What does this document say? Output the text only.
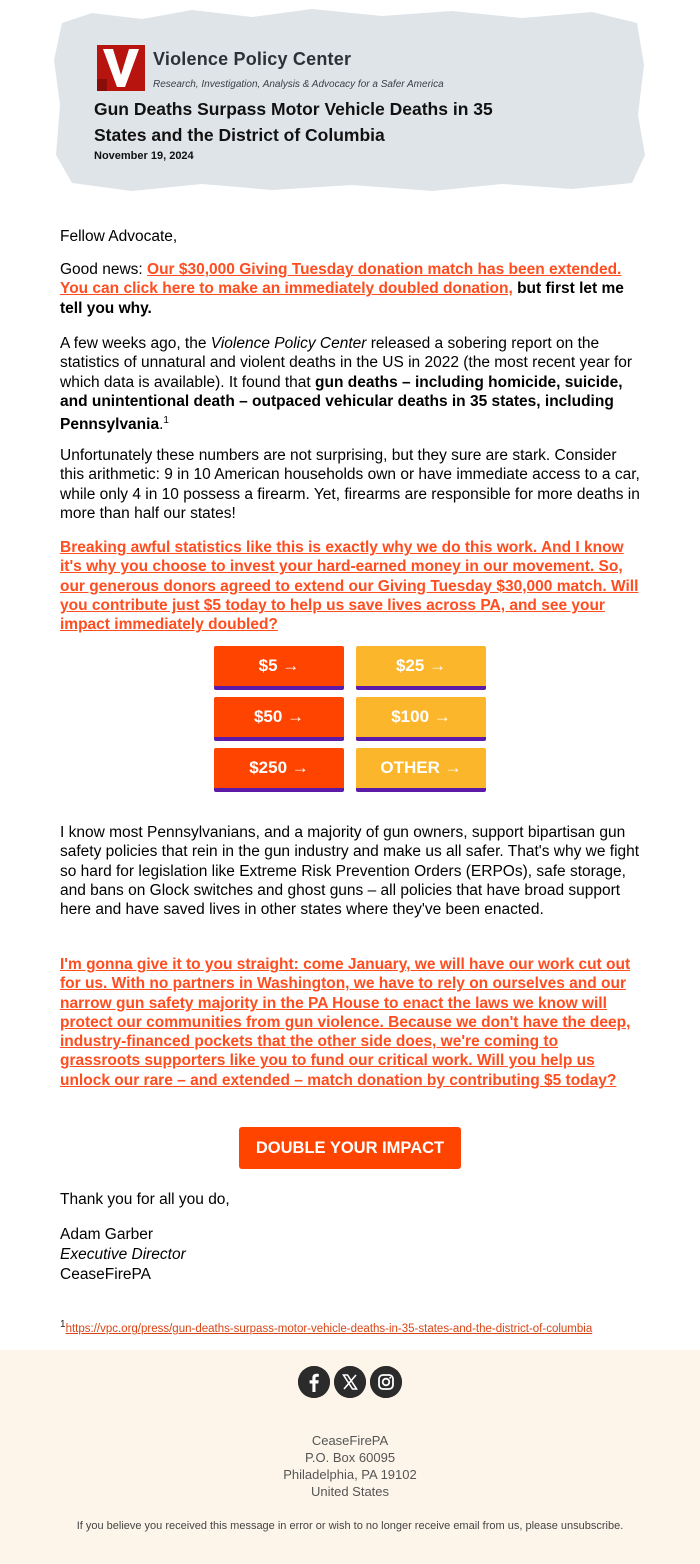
Violence Policy Center
Research, Investigation, Analysis & Advocacy for a Safer America
Gun Deaths Surpass Motor Vehicle Deaths in 35 States and the District of Columbia
November 19, 2024
Fellow Advocate,
Good news: Our $30,000 Giving Tuesday donation match has been extended. You can click here to make an immediately doubled donation, but first let me tell you why.
A few weeks ago, the Violence Policy Center released a sobering report on the statistics of unnatural and violent deaths in the US in 2022 (the most recent year for which data is available). It found that gun deaths – including homicide, suicide, and unintentional death – outpaced vehicular deaths in 35 states, including Pennsylvania.$^1$
Unfortunately these numbers are not surprising, but they sure are stark. Consider this arithmetic: 9 in 10 American households own or have immediate access to a car, while only 4 in 10 possess a firearm. Yet, firearms are responsible for more deaths in more than half our states!
Breaking awful statistics like this is exactly why we do this work. And I know it's why you choose to invest your hard-earned money in our movement. So, our generous donors agreed to extend our Giving Tuesday $30,000 match. Will you contribute just $5 today to help us save lives across PA, and see your impact immediately doubled?
$5 →	$25 →
$50 →	$100 →
$250 →	OTHER →
I know most Pennsylvanians, and a majority of gun owners, support bipartisan gun safety policies that rein in the gun industry and make us all safer. That's why we fight so hard for legislation like Extreme Risk Prevention Orders (ERPOs), safe storage, and bans on Glock switches and ghost guns – all policies that have broad support here and have saved lives in other states where they've been enacted.
I'm gonna give it to you straight: come January, we will have our work cut out for us. With no partners in Washington, we have to rely on ourselves and our narrow gun safety majority in the PA House to enact the laws we know will protect our communities from gun violence. Because we don't have the deep, industry-financed pockets that the other side does, we're coming to grassroots supporters like you to fund our critical work. Will you help us unlock our rare – and extended – match donation by contributing $5 today?
DOUBLE YOUR IMPACT
Thank you for all you do,
Adam Garber
Executive Director
CeaseFirePA
$^1$https://vpc.org/press/gun-deaths-surpass-motor-vehicle-deaths-in-35-states-and-the-district-of-columbia
CeaseFirePA
P.O. Box 60095
Philadelphia, PA 19102
United States
If you believe you received this message in error or wish to no longer receive email from us, please unsubscribe.
